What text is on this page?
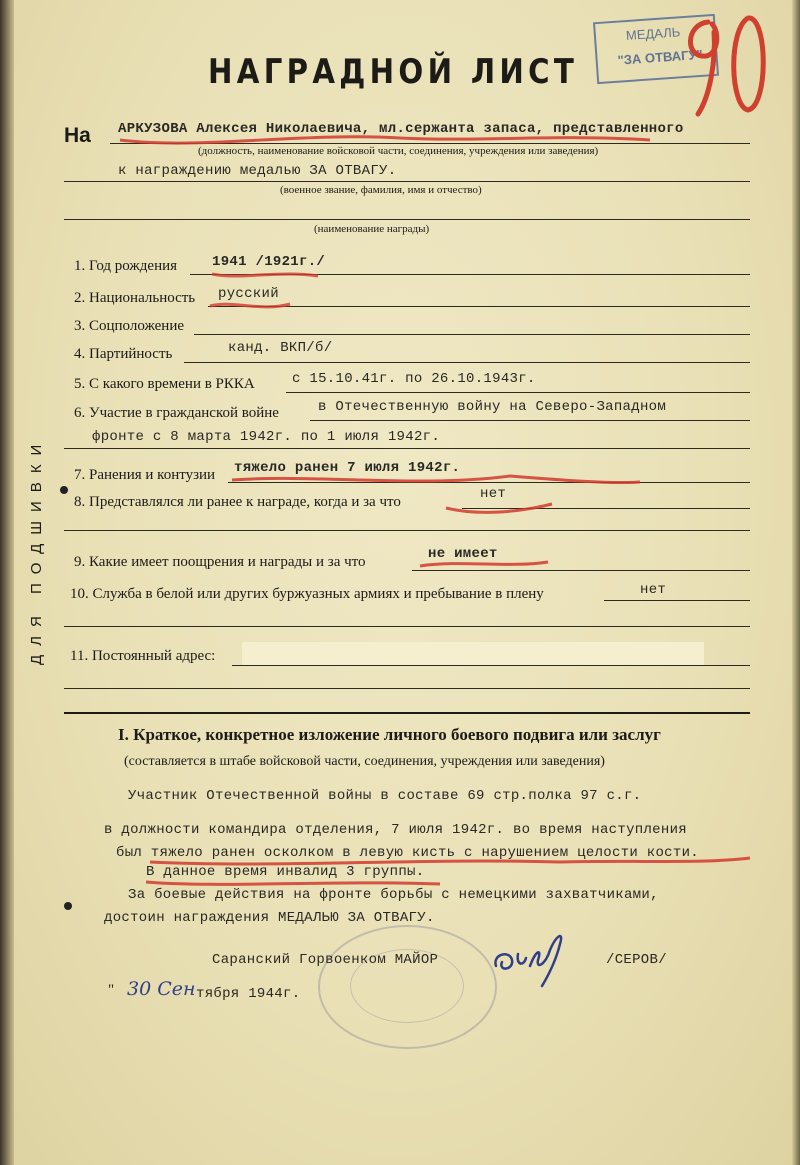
ДЛЯ ПОДШИВКИ
НАГРАДНОЙ ЛИСТ
МЕДАЛЬ
"ЗА ОТВАГУ"
На АРКУЗОВА Алексея Николаевича, мл.сержанта запаса, представленного
(должность, наименование войсковой части, соединения, учреждения или заведения)
к награждению медалью ЗА ОТВАГУ.
(военное звание, фамилия, имя и отчество)
(наименование награды)
1. Год рождения 1941 /1921г./
2. Национальность русский
3. Соцположение
4. Партийность	канд. ВКП/б/
5. С какого времени в РККА	с 15.10.41г. по 26.10.1943г.
6. Участие в гражданской войне	в Отечественную войну на Северо-Западном
фронте с 8 марта 1942г. по 1 июля 1942г.
7. Ранения и контузии тяжело ранен 7 июля 1942г.
8. Представлялся ли ранее к награде, когда и за что	нет
9. Какие имеет поощрения и награды и за что	не имеет
10. Служба в белой или других буржуазных армиях и пребывание в плену	нет
11. Постоянный адрес:
I. Краткое, конкретное изложение личного боевого подвига или заслуг
(составляется в штабе войсковой части, соединения, учреждения или заведения)
Участник Отечественной войны в составе 69 стр.полка 97 с.г.
в должности командира отделения, 7 июля 1942г. во время наступления
был тяжело ранен осколком в левую кисть с нарушением целости кости.
В данное время инвалид 3 группы.
За боевые действия на фронте борьбы с немецкими захватчиками,
достоин награждения МЕДАЛЬЮ ЗА ОТВАГУ.
Саранский Горвоенком МАЙОР	/СЕРОВ/
" 30 Сен тября 1944г.
